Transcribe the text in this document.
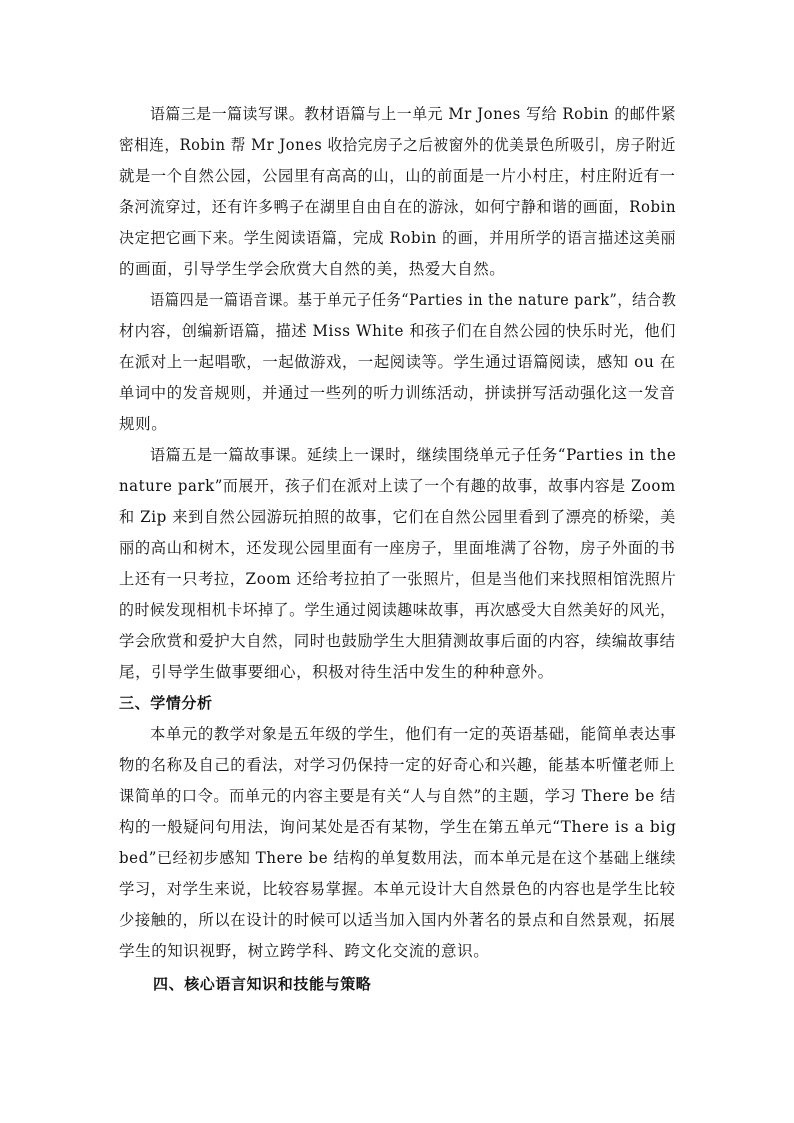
语篇三是一篇读写课。教材语篇与上一单元 Mr Jones 写给 Robin 的邮件紧
密相连，Robin 帮 Mr Jones 收拾完房子之后被窗外的优美景色所吸引，房子附近
就是一个自然公园，公园里有高高的山，山的前面是一片小村庄，村庄附近有一
条河流穿过，还有许多鸭子在湖里自由自在的游泳，如何宁静和谐的画面，Robin
决定把它画下来。学生阅读语篇，完成 Robin 的画，并用所学的语言描述这美丽
的画面，引导学生学会欣赏大自然的美，热爱大自然。
语篇四是一篇语音课。基于单元子任务“Parties in the nature park”，结合教
材内容，创编新语篇，描述 Miss White 和孩子们在自然公园的快乐时光，他们
在派对上一起唱歌，一起做游戏，一起阅读等。学生通过语篇阅读，感知 ou 在
单词中的发音规则，并通过一些列的听力训练活动，拼读拼写活动强化这一发音
规则。
语篇五是一篇故事课。延续上一课时，继续围绕单元子任务“Parties in the
nature park”而展开，孩子们在派对上读了一个有趣的故事，故事内容是 Zoom
和 Zip 来到自然公园游玩拍照的故事，它们在自然公园里看到了漂亮的桥梁，美
丽的高山和树木，还发现公园里面有一座房子，里面堆满了谷物，房子外面的书
上还有一只考拉，Zoom 还给考拉拍了一张照片，但是当他们来找照相馆洗照片
的时候发现相机卡坏掉了。学生通过阅读趣味故事，再次感受大自然美好的风光，
学会欣赏和爱护大自然，同时也鼓励学生大胆猜测故事后面的内容，续编故事结
尾，引导学生做事要细心，积极对待生活中发生的种种意外。
三、学情分析
本单元的教学对象是五年级的学生，他们有一定的英语基础，能简单表达事
物的名称及自己的看法，对学习仍保持一定的好奇心和兴趣，能基本听懂老师上
课简单的口令。而单元的内容主要是有关“人与自然”的主题，学习 There be 结
构的一般疑问句用法，询问某处是否有某物，学生在第五单元“There is a big
bed”已经初步感知 There be 结构的单复数用法，而本单元是在这个基础上继续
学习，对学生来说，比较容易掌握。本单元设计大自然景色的内容也是学生比较
少接触的，所以在设计的时候可以适当加入国内外著名的景点和自然景观，拓展
学生的知识视野，树立跨学科、跨文化交流的意识。
四、核心语言知识和技能与策略
